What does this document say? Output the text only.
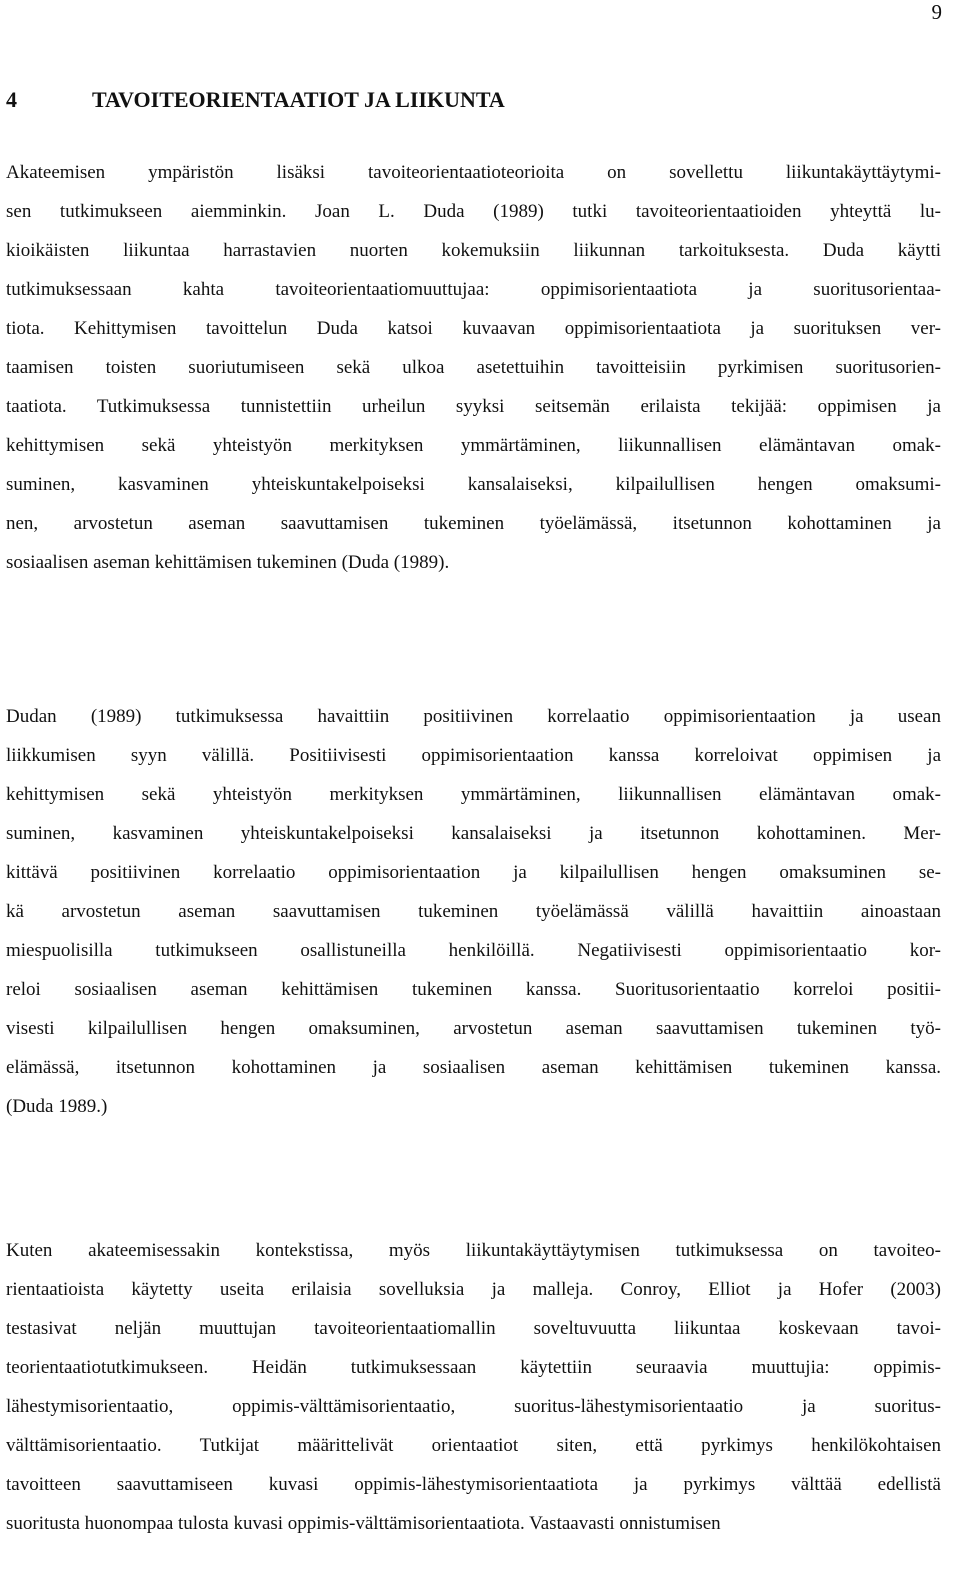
9
4	TAVOITEORIENTAATIOT JA LIIKUNTA
Akateemisen ympäristön lisäksi tavoiteorientaatioteorioita on sovellettu liikuntakäyttäytymi-
sen tutkimukseen aiemminkin. Joan L. Duda (1989) tutki tavoiteorientaatioiden yhteyttä lu-
kioikäisten liikuntaa harrastavien nuorten kokemuksiin liikunnan tarkoituksesta. Duda käytti
tutkimuksessaan kahta tavoiteorientaatiomuuttujaa: oppimisorientaatiota ja suoritusorientaa-
tiota. Kehittymisen tavoittelun Duda katsoi kuvaavan oppimisorientaatiota ja suorituksen ver-
taamisen toisten suoriutumiseen sekä ulkoa asetettuihin tavoitteisiin pyrkimisen suoritusorien-
taatiota. Tutkimuksessa tunnistettiin urheilun syyksi seitsemän erilaista tekijää: oppimisen ja
kehittymisen sekä yhteistyön merkityksen ymmärtäminen, liikunnallisen elämäntavan omak-
suminen, kasvaminen yhteiskuntakelpoiseksi kansalaiseksi, kilpailullisen hengen omaksumi-
nen, arvostetun aseman saavuttamisen tukeminen työelämässä, itsetunnon kohottaminen ja
sosiaalisen aseman kehittämisen tukeminen (Duda (1989).
Dudan (1989) tutkimuksessa havaittiin positiivinen korrelaatio oppimisorientaation ja usean
liikkumisen syyn välillä. Positiivisesti oppimisorientaation kanssa korreloivat oppimisen ja
kehittymisen sekä yhteistyön merkityksen ymmärtäminen, liikunnallisen elämäntavan omak-
suminen, kasvaminen yhteiskuntakelpoiseksi kansalaiseksi ja itsetunnon kohottaminen. Mer-
kittävä positiivinen korrelaatio oppimisorientaation ja kilpailullisen hengen omaksuminen se-
kä arvostetun aseman saavuttamisen tukeminen työelämässä välillä havaittiin ainoastaan
miespuolisilla tutkimukseen osallistuneilla henkilöillä. Negatiivisesti oppimisorientaatio kor-
reloi sosiaalisen aseman kehittämisen tukeminen kanssa. Suoritusorientaatio korreloi positii-
visesti kilpailullisen hengen omaksuminen, arvostetun aseman saavuttamisen tukeminen työ-
elämässä, itsetunnon kohottaminen ja sosiaalisen aseman kehittämisen tukeminen kanssa.
(Duda 1989.)
Kuten akateemisessakin kontekstissa, myös liikuntakäyttäytymisen tutkimuksessa on tavoiteo-
rientaatioista käytetty useita erilaisia sovelluksia ja malleja. Conroy, Elliot ja Hofer (2003)
testasivat neljän muuttujan tavoiteorientaatiomallin soveltuvuutta liikuntaa koskevaan tavoi-
teorientaatiotutkimukseen. Heidän tutkimuksessaan käytettiin seuraavia muuttujia: oppimis-
lähestymisorientaatio, oppimis-välttämisorientaatio, suoritus-lähestymisorientaatio ja suoritus-
välttämisorientaatio. Tutkijat määrittelivät orientaatiot siten, että pyrkimys henkilökohtaisen
tavoitteen saavuttamiseen kuvasi oppimis-lähestymisorientaatiota ja pyrkimys välttää edellistä
suoritusta huonompaa tulosta kuvasi oppimis-välttämisorientaatiota. Vastaavasti onnistumisen
